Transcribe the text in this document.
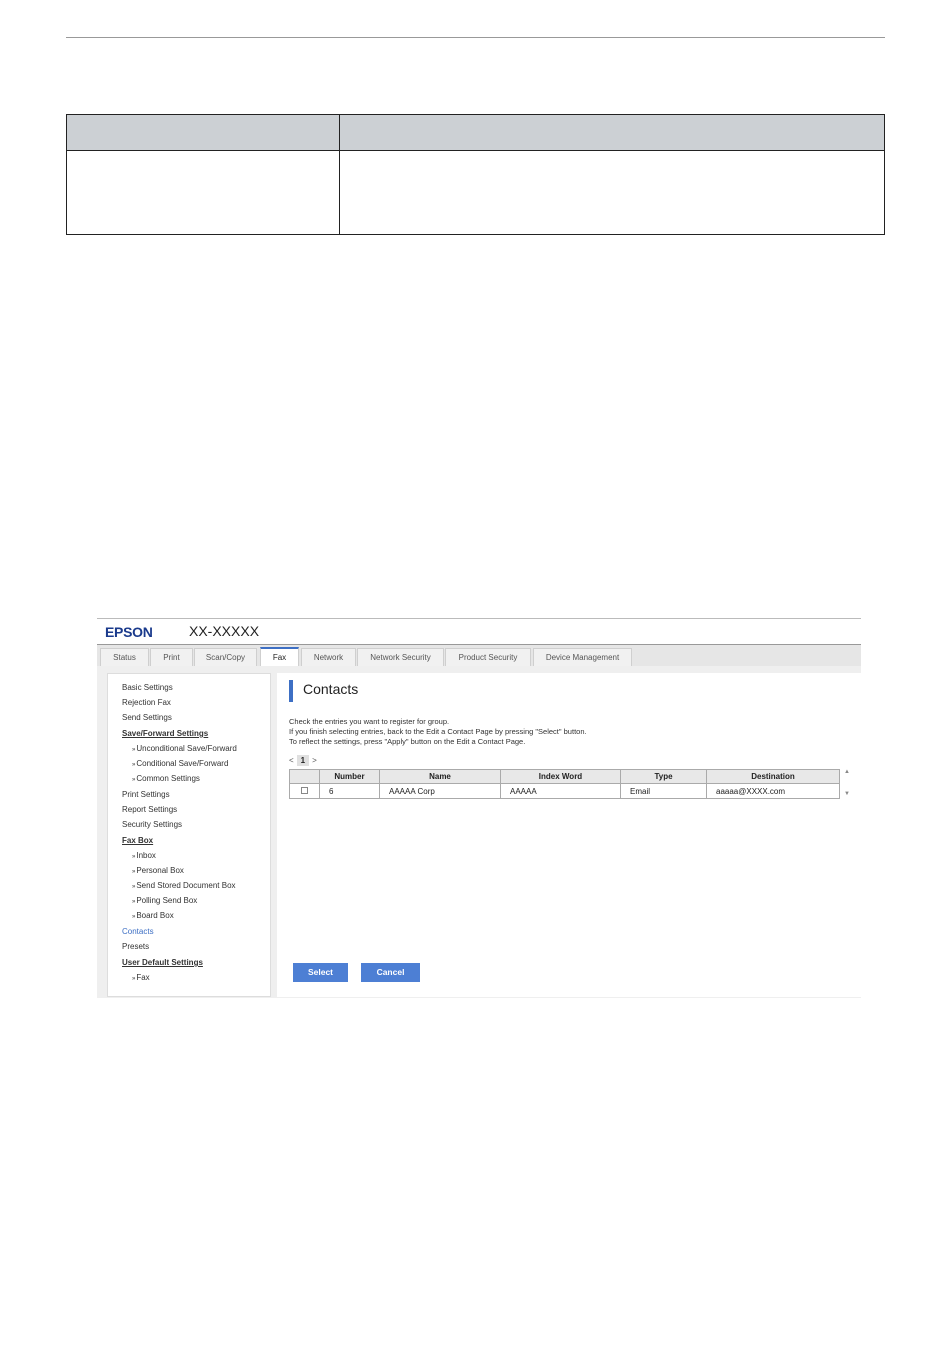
EPSON	XX-XXXXX
Status	Print	Scan/Copy	Fax	Network	Network Security	Product Security	Device Management
Basic Settings
Rejection Fax
Send Settings
Save/Forward Settings
» Unconditional Save/Forward
» Conditional Save/Forward
» Common Settings
Print Settings
Report Settings
Security Settings
Fax Box
» Inbox
» Personal Box
» Send Stored Document Box
» Polling Send Box
» Board Box
Contacts
Presets
User Default Settings
» Fax
Contacts
Check the entries you want to register for group.
If you finish selecting entries, back to the Edit a Contact Page by pressing "Select" button.
To reflect the settings, press "Apply" button on the Edit a Contact Page.
< 1 >
	Number	Name	Index Word	Type	Destination
	6	AAAAA Corp	AAAAA	Email	aaaaa@XXXX.com
▲
▼
Select	Cancel
